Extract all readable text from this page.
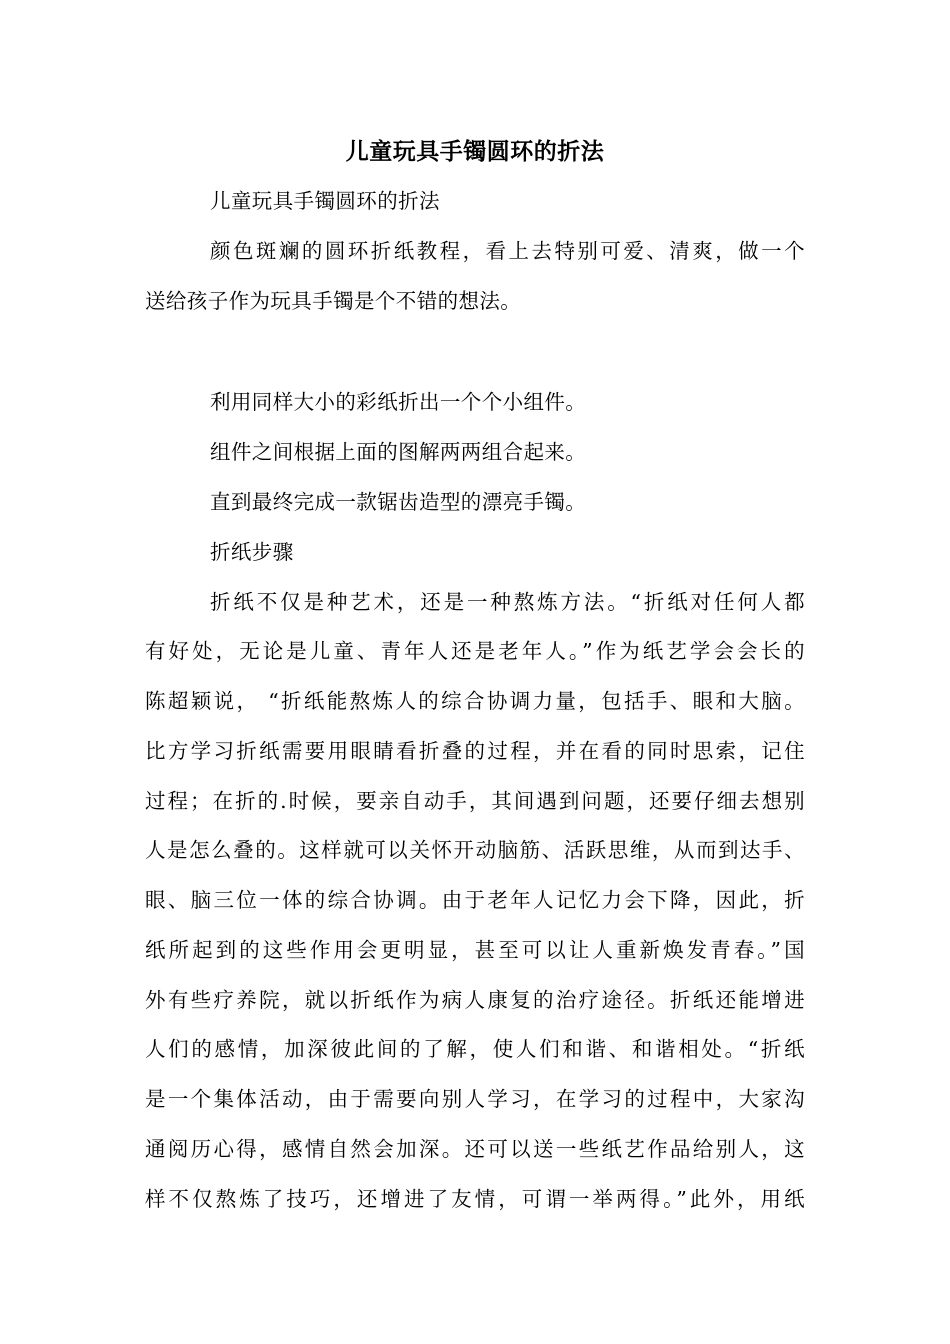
儿童玩具手镯圆环的折法
儿童玩具手镯圆环的折法
颜色斑斓的圆环折纸教程，看上去特别可爱、清爽，做一个
送给孩子作为玩具手镯是个不错的想法。
利用同样大小的彩纸折出一个个小组件。
组件之间根据上面的图解两两组合起来。
直到最终完成一款锯齿造型的漂亮手镯。
折纸步骤
折纸不仅是种艺术，还是一种熬炼方法。“折纸对任何人都
有好处，无论是儿童、青年人还是老年人。”作为纸艺学会会长的
陈超颖说， “折纸能熬炼人的综合协调力量，包括手、眼和大脑。
比方学习折纸需要用眼睛看折叠的过程，并在看的同时思索，记住
过程；在折的.时候，要亲自动手，其间遇到问题，还要仔细去想别
人是怎么叠的。这样就可以关怀开动脑筋、活跃思维，从而到达手、
眼、脑三位一体的综合协调。由于老年人记忆力会下降，因此，折
纸所起到的这些作用会更明显，甚至可以让人重新焕发青春。”国
外有些疗养院，就以折纸作为病人康复的治疗途径。折纸还能增进
人们的感情，加深彼此间的了解，使人们和谐、和谐相处。“折纸
是一个集体活动，由于需要向别人学习，在学习的过程中，大家沟
通阅历心得，感情自然会加深。还可以送一些纸艺作品给别人，这
样不仅熬炼了技巧，还增进了友情，可谓一举两得。”此外，用纸
